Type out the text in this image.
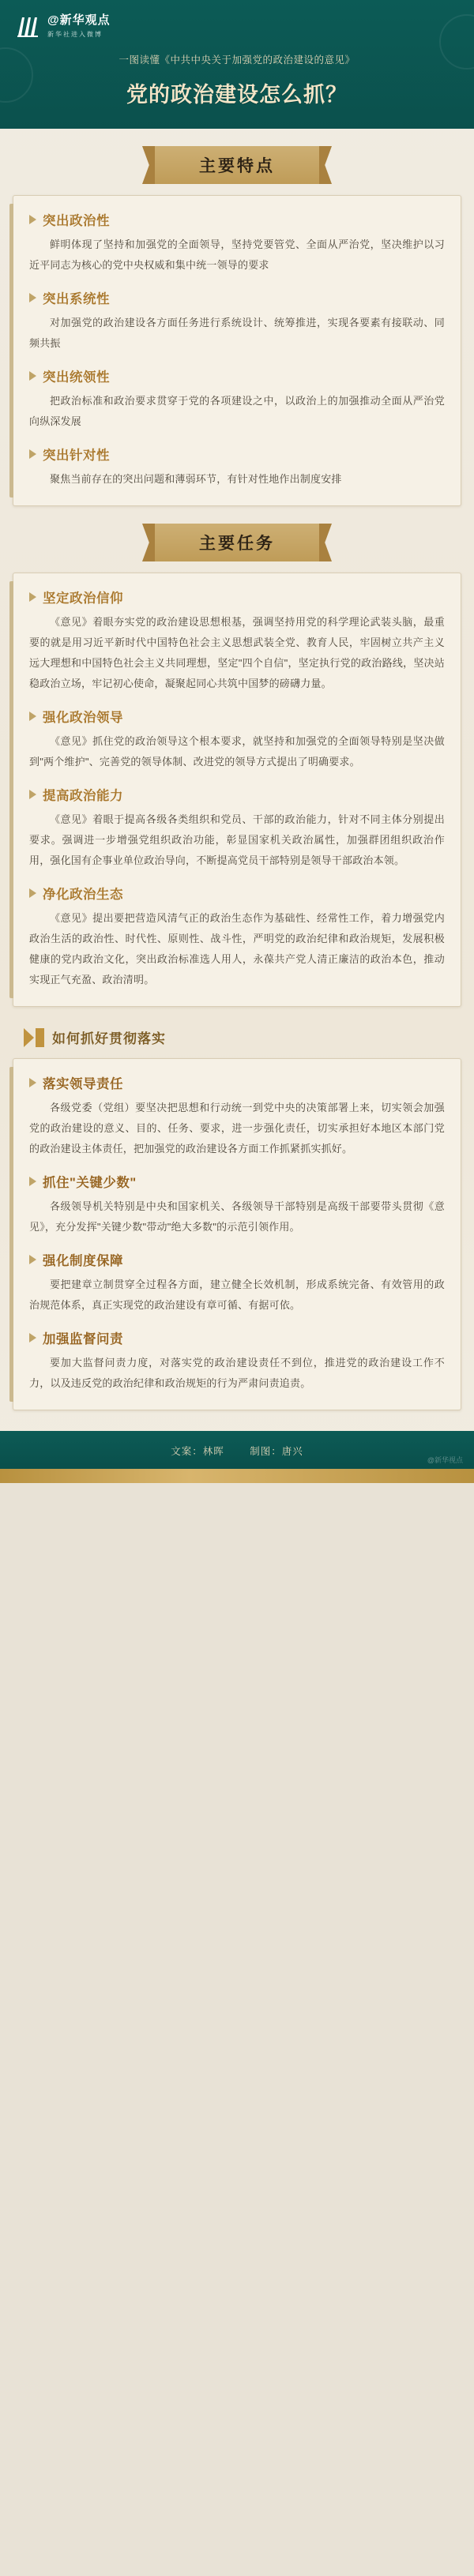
@新华观点
新华社进入微博
一图读懂《中共中央关于加强党的政治建设的意见》
党的政治建设怎么抓？
主要特点
突出政治性
鲜明体现了坚持和加强党的全面领导，坚持党要管党、全面从严治党，坚决维护以习近平同志为核心的党中央权威和集中统一领导的要求
突出系统性
对加强党的政治建设各方面任务进行系统设计、统筹推进，实现各要素有接联动、同频共振
突出统领性
把政治标准和政治要求贯穿于党的各项建设之中，以政治上的加强推动全面从严治党向纵深发展
突出针对性
聚焦当前存在的突出问题和薄弱环节，有针对性地作出制度安排
主要任务
坚定政治信仰
《意见》着眼夯实党的政治建设思想根基，强调坚持用党的科学理论武装头脑，最重要的就是用习近平新时代中国特色社会主义思想武装全党、教育人民，牢固树立共产主义远大理想和中国特色社会主义共同理想，坚定"四个自信"，坚定执行党的政治路线，坚决站稳政治立场，牢记初心使命，凝聚起同心共筑中国梦的磅礴力量。
强化政治领导
《意见》抓住党的政治领导这个根本要求，就坚持和加强党的全面领导特别是坚决做到"两个维护"、完善党的领导体制、改进党的领导方式提出了明确要求。
提高政治能力
《意见》着眼于提高各级各类组织和党员、干部的政治能力，针对不同主体分别提出要求。强调进一步增强党组织政治功能，彰显国家机关政治属性，加强群团组织政治作用，强化国有企事业单位政治导向，不断提高党员干部特别是领导干部政治本领。
净化政治生态
《意见》提出要把营造风清气正的政治生态作为基础性、经常性工作，着力增强党内政治生活的政治性、时代性、原则性、战斗性，严明党的政治纪律和政治规矩，发展积极健康的党内政治文化，突出政治标准选人用人，永葆共产党人清正廉洁的政治本色，推动实现正气充盈、政治清明。
如何抓好贯彻落实
落实领导责任
各级党委（党组）要坚决把思想和行动统一到党中央的决策部署上来，切实领会加强党的政治建设的意义、目的、任务、要求，进一步强化责任，切实承担好本地区本部门党的政治建设主体责任，把加强党的政治建设各方面工作抓紧抓实抓好。
抓住"关键少数"
各级领导机关特别是中央和国家机关、各级领导干部特别是高级干部要带头贯彻《意见》，充分发挥"关键少数"带动"绝大多数"的示范引领作用。
强化制度保障
要把建章立制贯穿全过程各方面，建立健全长效机制，形成系统完备、有效管用的政治规范体系，真正实现党的政治建设有章可循、有据可依。
加强监督问责
要加大监督问责力度，对落实党的政治建设责任不到位，推进党的政治建设工作不力，以及违反党的政治纪律和政治规矩的行为严肃问责追责。
文案：林晖	制图：唐兴
@新华视点
